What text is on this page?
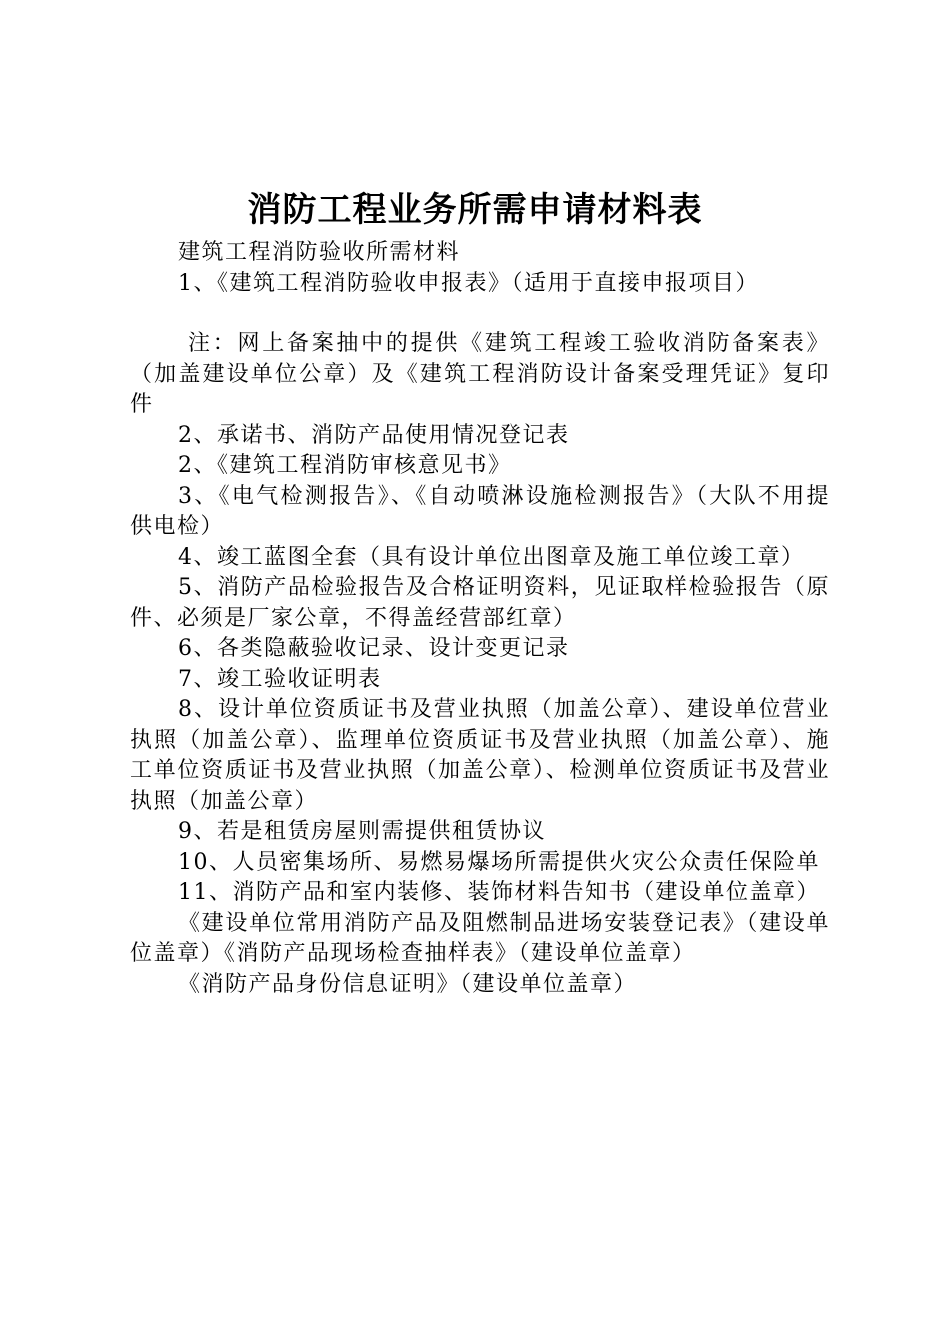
消防工程业务所需申请材料表

建筑工程消防验收所需材料

1、《建筑工程消防验收申报表》（适用于直接申报项目）

注：网上备案抽中的提供《建筑工程竣工验收消防备案表》（加盖建设单位公章）及《建筑工程消防设计备案受理凭证》复印件

2、承诺书、消防产品使用情况登记表

2、《建筑工程消防审核意见书》

3、《电气检测报告》、《自动喷淋设施检测报告》（大队不用提供电检）

4、竣工蓝图全套（具有设计单位出图章及施工单位竣工章）

5、消防产品检验报告及合格证明资料，见证取样检验报告（原件、必须是厂家公章，不得盖经营部红章）

6、各类隐蔽验收记录、设计变更记录

7、竣工验收证明表

8、设计单位资质证书及营业执照（加盖公章）、建设单位营业执照（加盖公章）、监理单位资质证书及营业执照（加盖公章）、施工单位资质证书及营业执照（加盖公章）、检测单位资质证书及营业执照（加盖公章）

9、若是租赁房屋则需提供租赁协议

10、人员密集场所、易燃易爆场所需提供火灾公众责任保险单

11、消防产品和室内装修、装饰材料告知书（建设单位盖章）

《建设单位常用消防产品及阻燃制品进场安装登记表》（建设单位盖章）《消防产品现场检查抽样表》（建设单位盖章）

《消防产品身份信息证明》（建设单位盖章）
